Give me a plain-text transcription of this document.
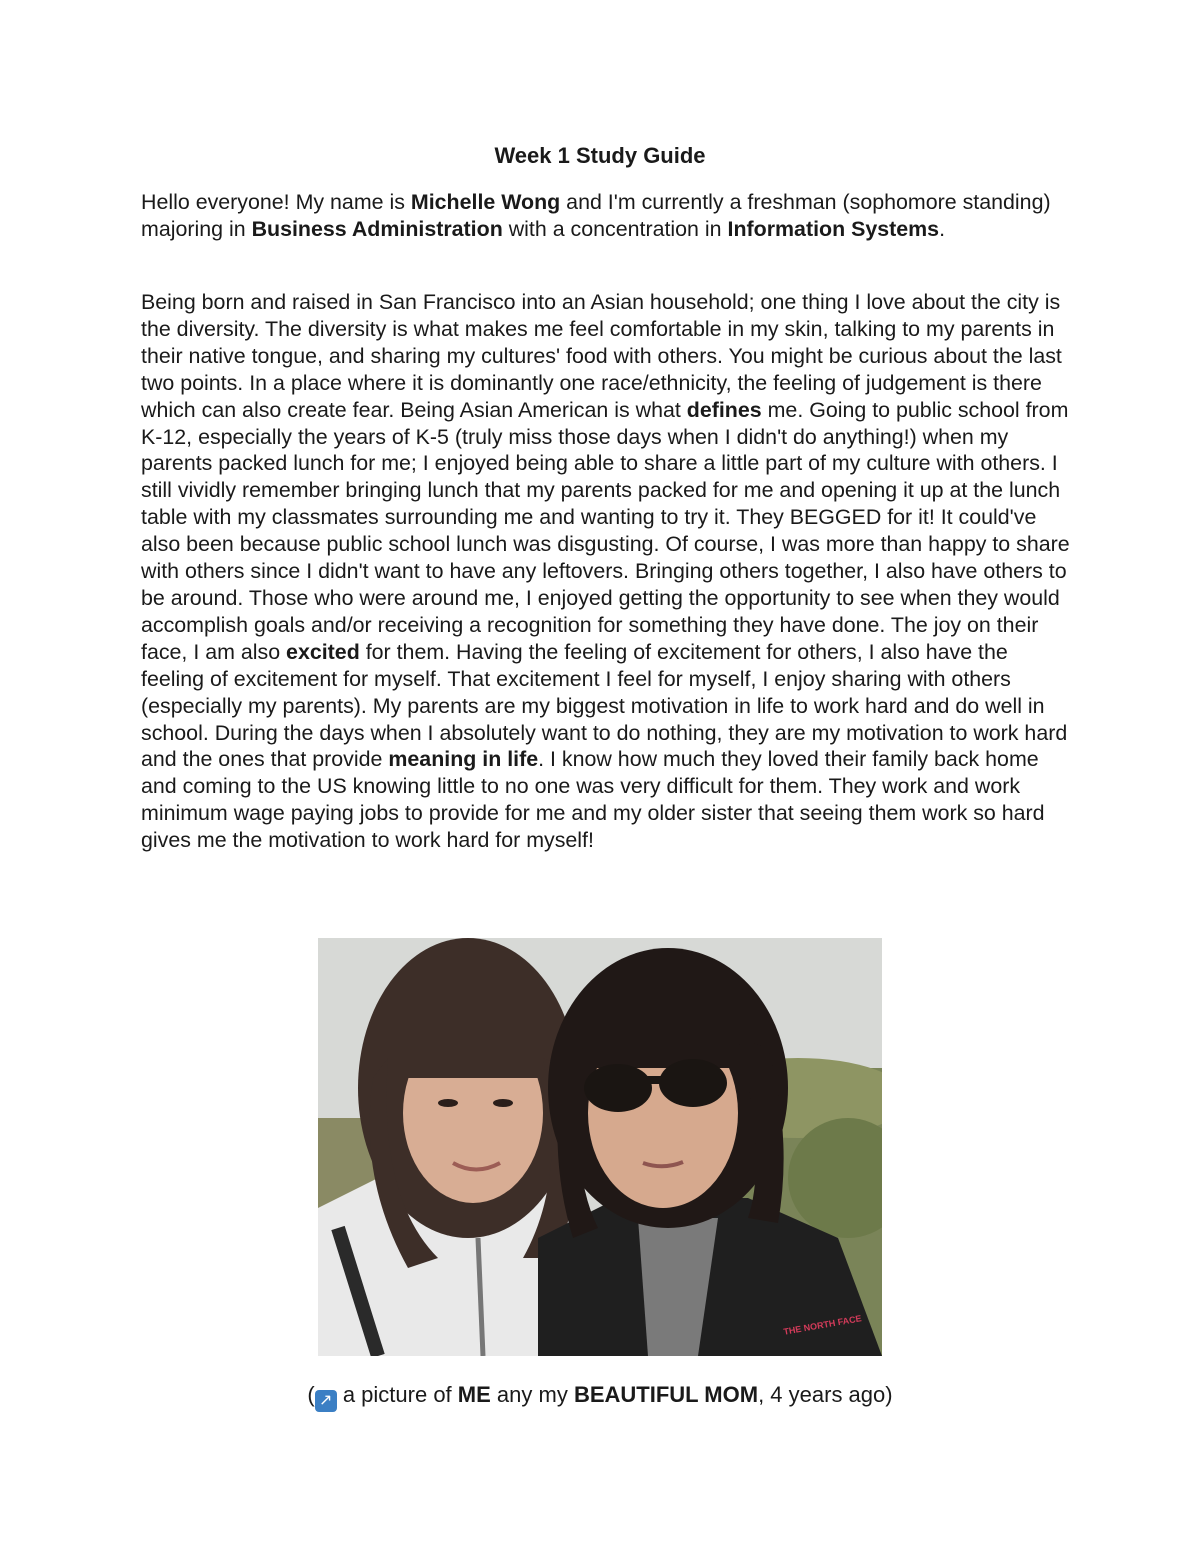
Week 1 Study Guide
Hello everyone! My name is Michelle Wong and I'm currently a freshman (sophomore standing) majoring in Business Administration with a concentration in Information Systems.
Being born and raised in San Francisco into an Asian household; one thing I love about the city is the diversity. The diversity is what makes me feel comfortable in my skin, talking to my parents in their native tongue, and sharing my cultures' food with others. You might be curious about the last two points. In a place where it is dominantly one race/ethnicity, the feeling of judgement is there which can also create fear. Being Asian American is what defines me. Going to public school from K-12, especially the years of K-5 (truly miss those days when I didn't do anything!) when my parents packed lunch for me; I enjoyed being able to share a little part of my culture with others. I still vividly remember bringing lunch that my parents packed for me and opening it up at the lunch table with my classmates surrounding me and wanting to try it. They BEGGED for it! It could've also been because public school lunch was disgusting. Of course, I was more than happy to share with others since I didn't want to have any leftovers. Bringing others together, I also have others to be around. Those who were around me, I enjoyed getting the opportunity to see when they would accomplish goals and/or receiving a recognition for something they have done. The joy on their face, I am also excited for them. Having the feeling of excitement for others, I also have the feeling of excitement for myself. That excitement I feel for myself, I enjoy sharing with others (especially my parents). My parents are my biggest motivation in life to work hard and do well in school. During the days when I absolutely want to do nothing, they are my motivation to work hard and the ones that provide meaning in life. I know how much they loved their family back home and coming to the US knowing little to no one was very difficult for them. They work and work minimum wage paying jobs to provide for me and my older sister that seeing them work so hard gives me the motivation to work hard for myself!
THE NORTH FACE
( ↗ a picture of ME any my BEAUTIFUL MOM, 4 years ago)
